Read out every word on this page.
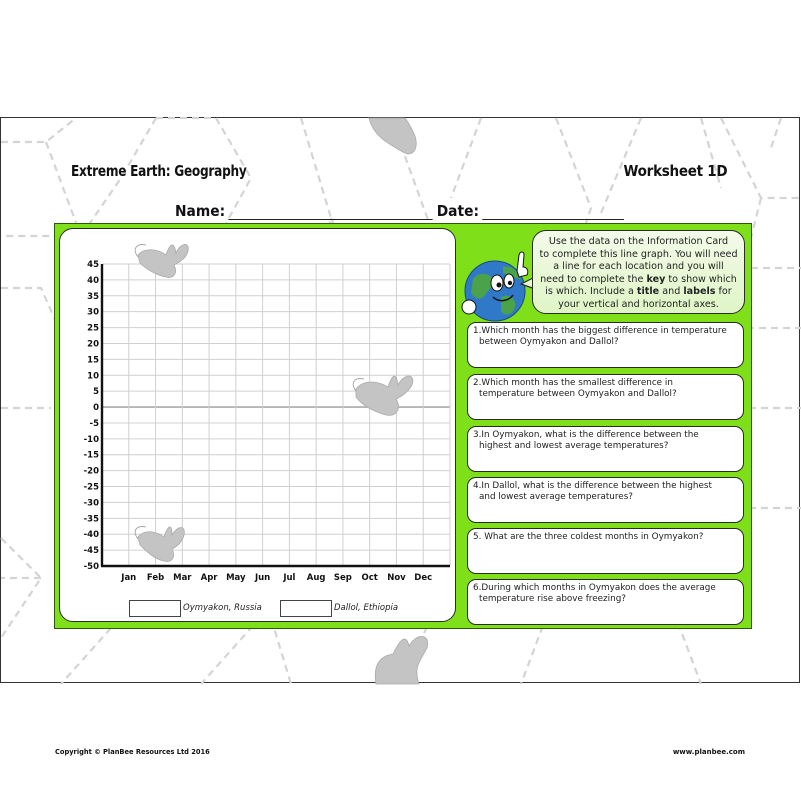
Extreme Earth: Geography	Worksheet 1D
Name:	Date:
45
40
35
30
25
20
15
10
5
0
-5
-10
-15
-20
-25
-30
-35
-40
-45
-50
Jan Feb Mar Apr May Jun Jul Aug Sep Oct Nov Dec
Oymyakon, Russia	Dallol, Ethiopia
Use the data on the Information Card
to complete this line graph. You will need
a line for each location and you will
need to complete the key to show which
is which. Include a title and labels for
your vertical and horizontal axes.
1.Which month has the biggest difference in temperature
between Oymyakon and Dallol?
2.Which month has the smallest difference in
temperature between Oymyakon and Dallol?
3.In Oymyakon, what is the difference between the
highest and lowest average temperatures?
4.In Dallol, what is the difference between the highest
and lowest average temperatures?
5. What are the three coldest months in Oymyakon?
6.During which months in Oymyakon does the average
temperature rise above freezing?
Copyright © PlanBee Resources Ltd 2016	www.planbee.com
